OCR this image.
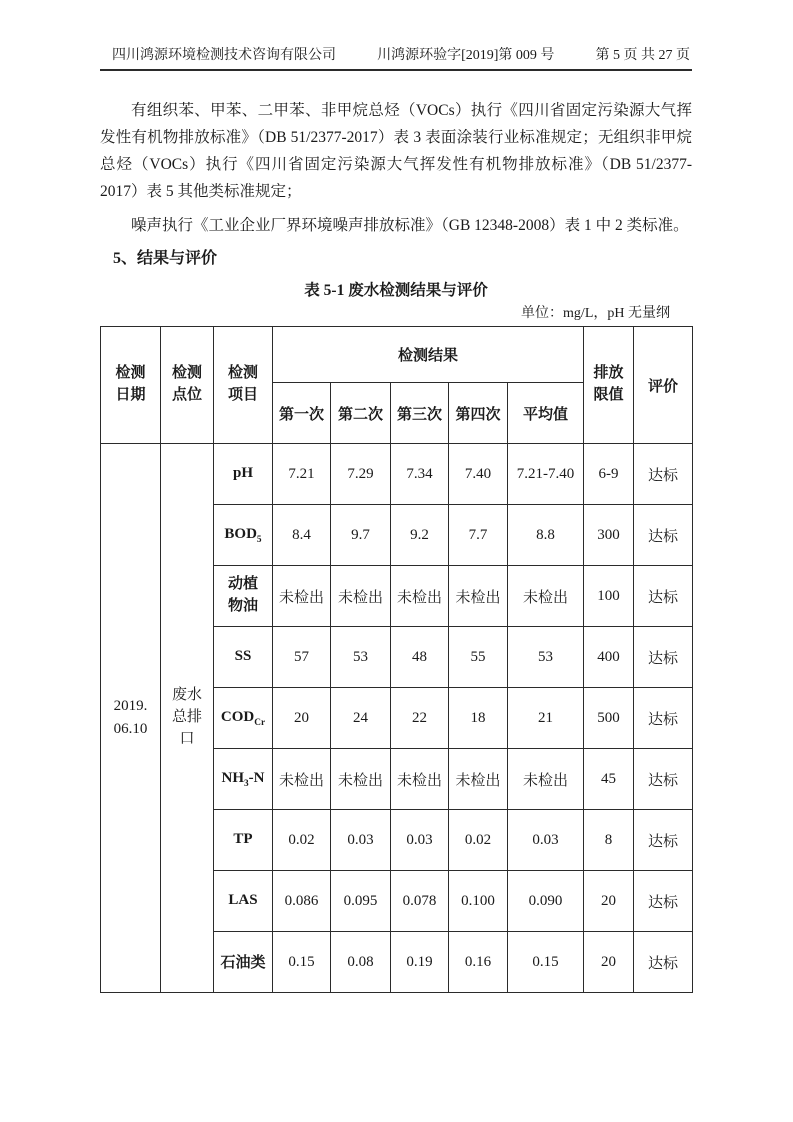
四川鸿源环境检测技术咨询有限公司	川鸿源环验字[2019]第 009 号	第 5 页 共 27 页

有组织苯、甲苯、二甲苯、非甲烷总烃（VOCs）执行《四川省固定污染源大气挥发性有机物排放标准》（DB 51/2377-2017）表 3 表面涂装行业标准规定；无组织非甲烷总烃（VOCs）执行《四川省固定污染源大气挥发性有机物排放标准》（DB 51/2377-2017）表 5 其他类标准规定；

噪声执行《工业企业厂界环境噪声排放标准》（GB 12348-2008）表 1 中 2 类标准。

5、结果与评价
表 5-1 废水检测结果与评价
单位：mg/L，pH 无量纲
检测日期	检测点位	检测项目	检测结果					排放限值	评价
			第一次	第二次	第三次	第四次	平均值		
2019.
06.10	废水总排口	pH	7.21	7.29	7.34	7.40	7.21-7.40	6-9	达标
		$BOD_5$	8.4	9.7	9.2	7.7	8.8	300	达标
		动植物油	未检出	未检出	未检出	未检出	未检出	100	达标
		SS	57	53	48	55	53	400	达标
		$COD_{Cr}$	20	24	22	18	21	500	达标
		$NH_3-N$	未检出	未检出	未检出	未检出	未检出	45	达标
		TP	0.02	0.03	0.03	0.02	0.03	8	达标
		LAS	0.086	0.095	0.078	0.100	0.090	20	达标
		石油类	0.15	0.08	0.19	0.16	0.15	20	达标
